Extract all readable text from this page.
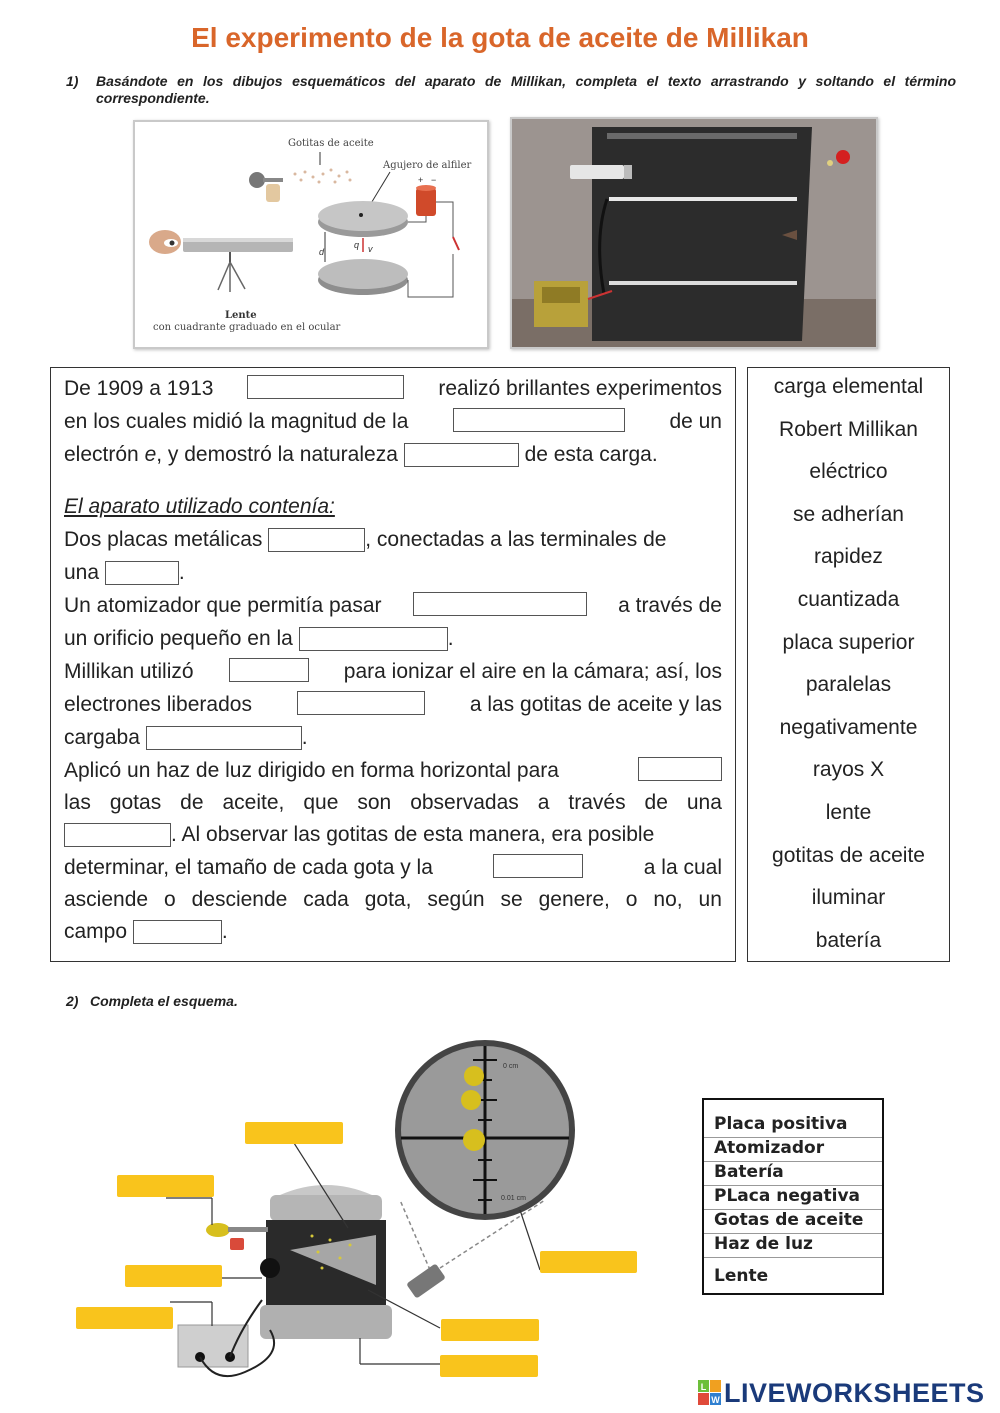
El experimento de la gota de aceite de Millikan
1) Basándote en los dibujos esquemáticos del aparato de Millikan, completa el texto arrastrando y soltando el término correspondiente.
Gotitas de aceite
Agujero de alfiler
d
q v
+ −
Lente
con cuadrante graduado en el ocular
De 1909 a 1913	realizó brillantes experimentos
en los cuales midió la magnitud de la	de un
electrón e, y demostró la naturaleza	de esta carga.
El aparato utilizado contenía:
Dos placas metálicas	, conectadas a las terminales de
una	.
Un atomizador que permitía pasar	a través de
un orificio pequeño en la	.
Millikan utilizó	para ionizar el aire en la cámara; así, los
electrones liberados	a las gotitas de aceite y las
cargaba	.
Aplicó un haz de luz dirigido en forma horizontal para
las gotas de aceite, que son observadas a través de una
. Al observar las gotitas de esta manera, era posible
determinar, el tamaño de cada gota y la	a la cual
asciende o desciende cada gota, según se genere, o no, un
campo	.
carga elemental
Robert Millikan
eléctrico
se adherían
rapidez
cuantizada
placa superior
paralelas
negativamente
rayos X
lente
gotitas de aceite
iluminar
batería
2) Completa el esquema.
0 cm
0.01 cm
Placa positiva
Atomizador
Batería
PLaca negativa
Gotas de aceite
Haz de luz
Lente
L
W LIVEWORKSHEETS
